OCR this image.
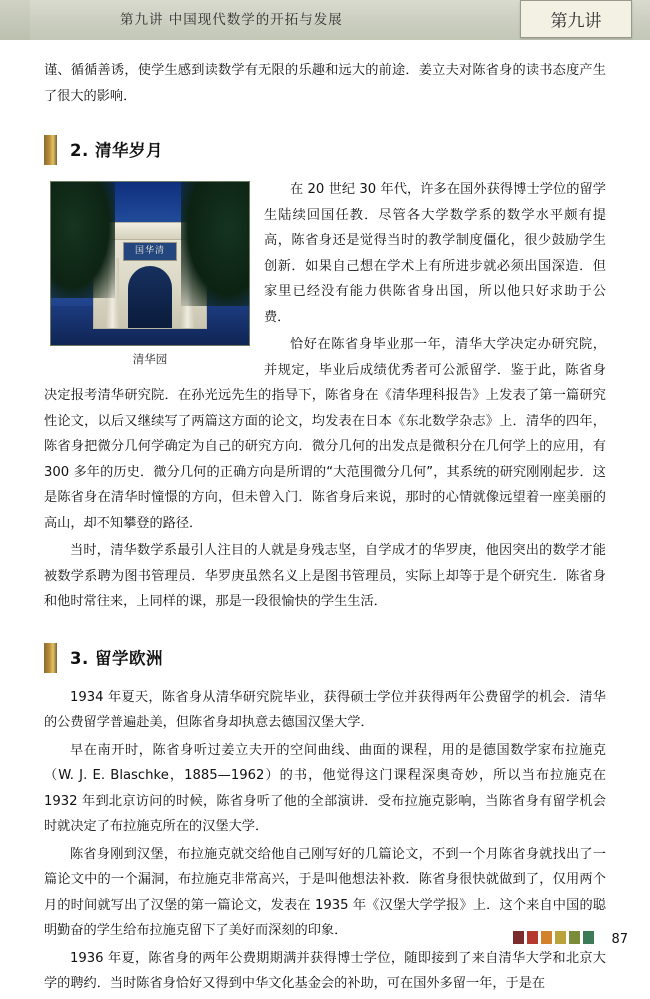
第九讲 中国现代数学的开拓与发展	第九讲

谨、循循善诱，使学生感到读数学有无限的乐趣和远大的前途．姜立夫对陈省身的读书态度产生了很大的影响．

2. 清华岁月
国华清
清华园

在 20 世纪 30 年代，许多在国外获得博士学位的留学生陆续回国任教．尽管各大学数学系的数学水平颇有提高，陈省身还是觉得当时的教学制度僵化，很少鼓励学生创新．如果自己想在学术上有所进步就必须出国深造．但家里已经没有能力供陈省身出国，所以他只好求助于公费．

恰好在陈省身毕业那一年，清华大学决定办研究院，并规定，毕业后成绩优秀者可公派留学．鉴于此，陈省身决定报考清华研究院．在孙光远先生的指导下，陈省身在《清华理科报告》上发表了第一篇研究性论文，以后又继续写了两篇这方面的论文，均发表在日本《东北数学杂志》上．清华的四年，陈省身把微分几何学确定为自己的研究方向．微分几何的出发点是微积分在几何学上的应用，有 300 多年的历史．微分几何的正确方向是所谓的“大范围微分几何”，其系统的研究刚刚起步．这是陈省身在清华时憧憬的方向，但未曾入门．陈省身后来说，那时的心情就像远望着一座美丽的高山，却不知攀登的路径．

当时，清华数学系最引人注目的人就是身残志坚，自学成才的华罗庚，他因突出的数学才能被数学系聘为图书管理员．华罗庚虽然名义上是图书管理员，实际上却等于是个研究生．陈省身和他时常往来，上同样的课，那是一段很愉快的学生生活．

3. 留学欧洲

1934 年夏天，陈省身从清华研究院毕业，获得硕士学位并获得两年公费留学的机会．清华的公费留学普遍赴美，但陈省身却执意去德国汉堡大学．

早在南开时，陈省身听过姜立夫开的空间曲线、曲面的课程，用的是德国数学家布拉施克（W. J. E. Blaschke，1885—1962）的书，他觉得这门课程深奥奇妙，所以当布拉施克在 1932 年到北京访问的时候，陈省身听了他的全部演讲．受布拉施克影响，当陈省身有留学机会时就决定了布拉施克所在的汉堡大学．

陈省身刚到汉堡，布拉施克就交给他自己刚写好的几篇论文，不到一个月陈省身就找出了一篇论文中的一个漏洞，布拉施克非常高兴，于是叫他想法补救．陈省身很快就做到了，仅用两个月的时间就写出了汉堡的第一篇论文，发表在 1935 年《汉堡大学学报》上．这个来自中国的聪明勤奋的学生给布拉施克留下了美好而深刻的印象．

1936 年夏，陈省身的两年公费期期满并获得博士学位，随即接到了来自清华大学和北京大学的聘约．当时陈省身恰好又得到中华文化基金会的补助，可在国外多留一年，于是在

87
